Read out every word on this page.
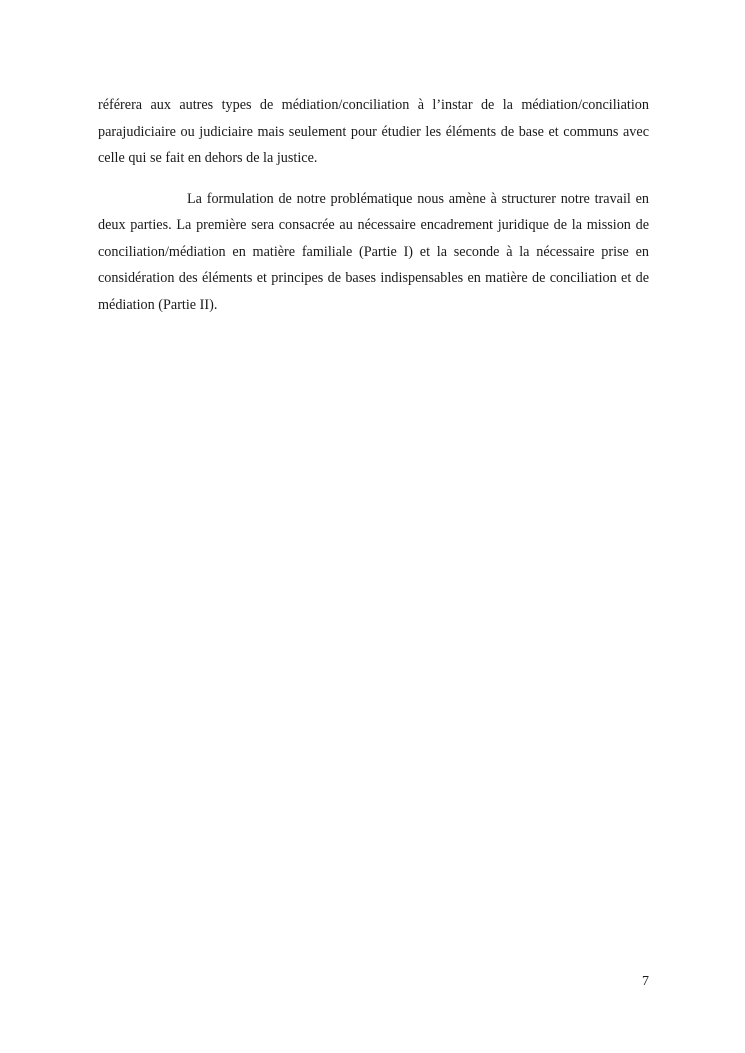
référera aux autres types de médiation/conciliation à l’instar de la médiation/conciliation parajudiciaire ou judiciaire mais seulement pour étudier les éléments de base et communs avec celle qui se fait en dehors de la justice.

La formulation de notre problématique nous amène à structurer notre travail en deux parties. La première sera consacrée au nécessaire encadrement juridique de la mission de conciliation/médiation en matière familiale (Partie I) et la seconde à la nécessaire prise en considération des éléments et principes de bases indispensables en matière de conciliation et de médiation (Partie II).

7
